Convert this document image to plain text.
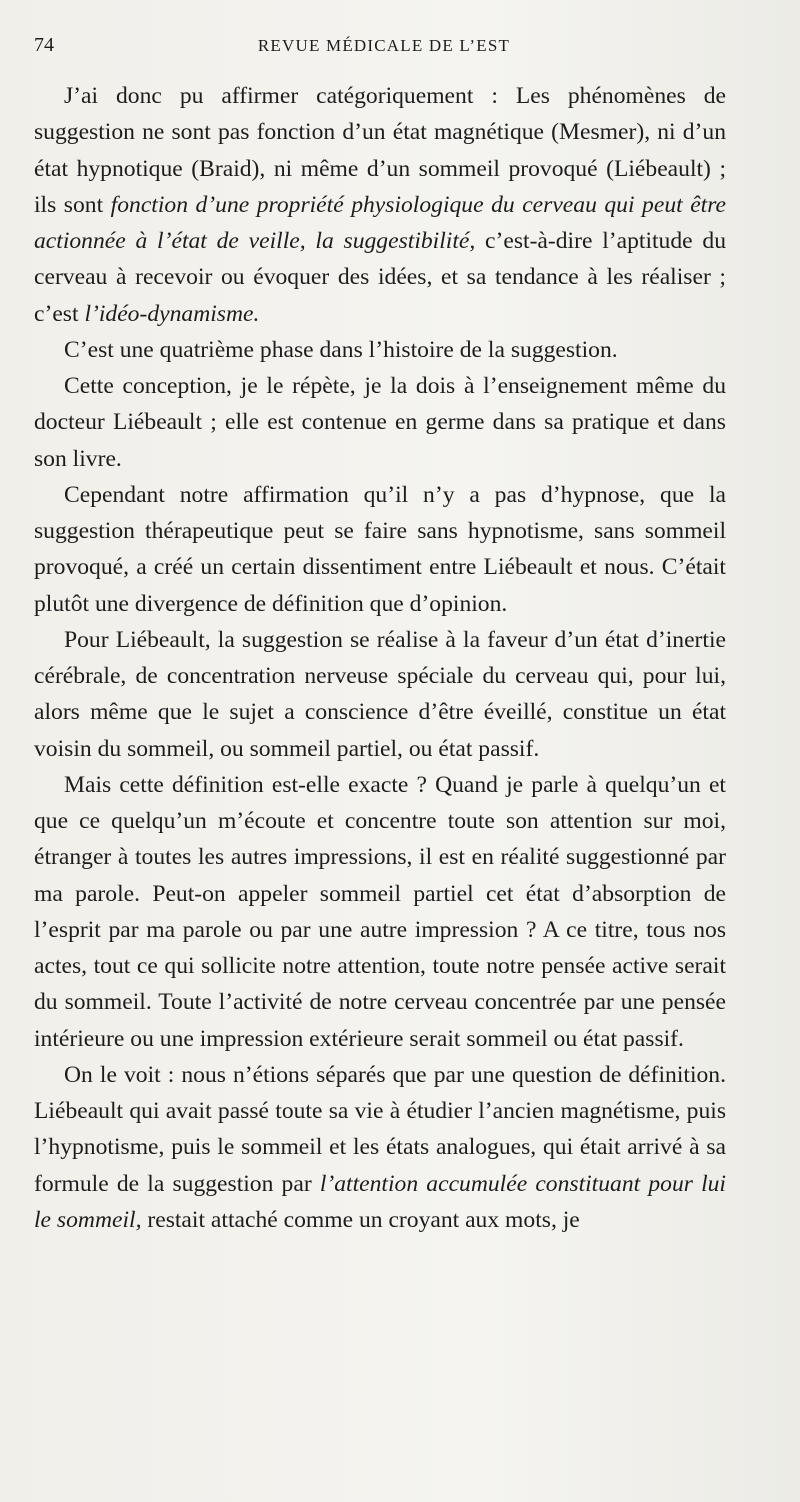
74	REVUE MÉDICALE DE L’EST

J’ai donc pu affirmer catégoriquement : Les phénomènes de suggestion ne sont pas fonction d’un état magnétique (Mesmer), ni d’un état hypnotique (Braid), ni même d’un sommeil provoqué (Liébeault) ; ils sont fonction d’une propriété physiologique du cerveau qui peut être actionnée à l’état de veille, la suggestibilité, c’est-à-dire l’aptitude du cerveau à recevoir ou évoquer des idées, et sa tendance à les réaliser ; c’est l’idéo-dynamisme.

C’est une quatrième phase dans l’histoire de la suggestion.

Cette conception, je le répète, je la dois à l’enseignement même du docteur Liébeault ; elle est contenue en germe dans sa pratique et dans son livre.

Cependant notre affirmation qu’il n’y a pas d’hypnose, que la suggestion thérapeutique peut se faire sans hypnotisme, sans sommeil provoqué, a créé un certain dissentiment entre Liébeault et nous. C’était plutôt une divergence de définition que d’opinion.

Pour Liébeault, la suggestion se réalise à la faveur d’un état d’inertie cérébrale, de concentration nerveuse spéciale du cerveau qui, pour lui, alors même que le sujet a conscience d’être éveillé, constitue un état voisin du sommeil, ou sommeil partiel, ou état passif.

Mais cette définition est-elle exacte ? Quand je parle à quelqu’un et que ce quelqu’un m’écoute et concentre toute son attention sur moi, étranger à toutes les autres impressions, il est en réalité suggestionné par ma parole. Peut-on appeler sommeil partiel cet état d’absorption de l’esprit par ma parole ou par une autre impression ? A ce titre, tous nos actes, tout ce qui sollicite notre attention, toute notre pensée active serait du sommeil. Toute l’activité de notre cerveau concentrée par une pensée intérieure ou une impression extérieure serait sommeil ou état passif.

On le voit : nous n’étions séparés que par une question de définition. Liébeault qui avait passé toute sa vie à étudier l’ancien magnétisme, puis l’hypnotisme, puis le sommeil et les états analogues, qui était arrivé à sa formule de la suggestion par l’attention accumulée constituant pour lui le sommeil, restait attaché comme un croyant aux mots, je
